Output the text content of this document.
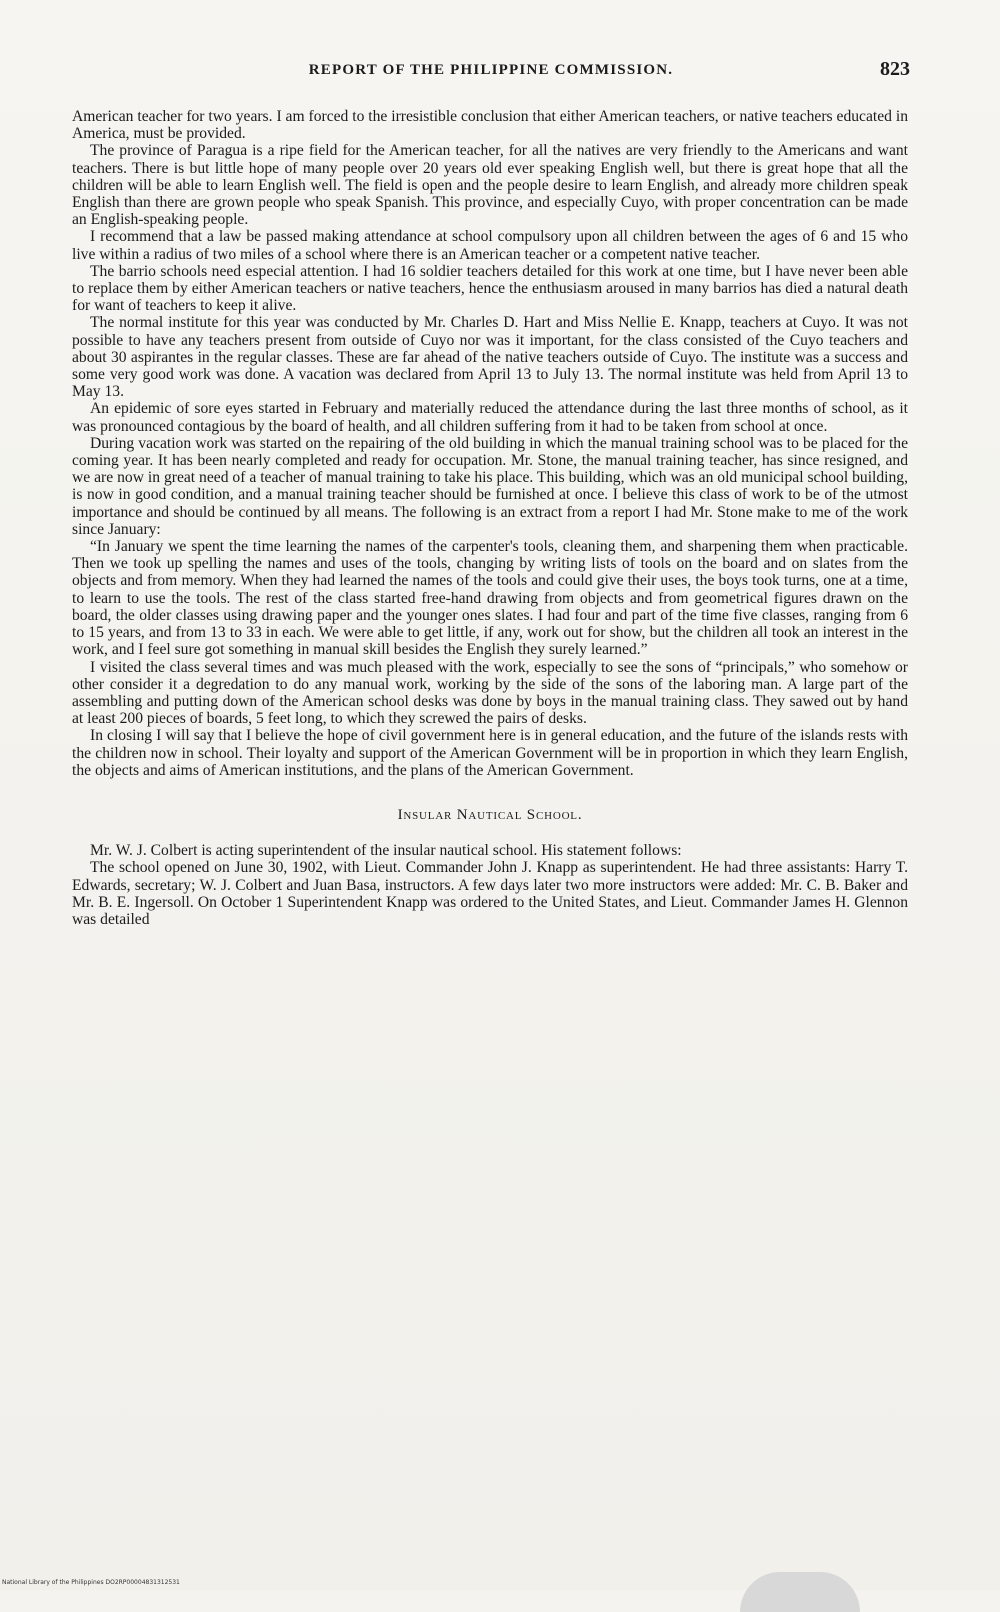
REPORT OF THE PHILIPPINE COMMISSION.	823

American teacher for two years. I am forced to the irresistible conclusion that either American teachers, or native teachers educated in America, must be provided.

The province of Paragua is a ripe field for the American teacher, for all the natives are very friendly to the Americans and want teachers. There is but little hope of many people over 20 years old ever speaking English well, but there is great hope that all the children will be able to learn English well. The field is open and the people desire to learn English, and already more children speak English than there are grown people who speak Spanish. This province, and especially Cuyo, with proper concentration can be made an English-speaking people.

I recommend that a law be passed making attendance at school compulsory upon all children between the ages of 6 and 15 who live within a radius of two miles of a school where there is an American teacher or a competent native teacher.

The barrio schools need especial attention. I had 16 soldier teachers detailed for this work at one time, but I have never been able to replace them by either American teachers or native teachers, hence the enthusiasm aroused in many barrios has died a natural death for want of teachers to keep it alive.

The normal institute for this year was conducted by Mr. Charles D. Hart and Miss Nellie E. Knapp, teachers at Cuyo. It was not possible to have any teachers present from outside of Cuyo nor was it important, for the class consisted of the Cuyo teachers and about 30 aspirantes in the regular classes. These are far ahead of the native teachers outside of Cuyo. The institute was a success and some very good work was done. A vacation was declared from April 13 to July 13. The normal institute was held from April 13 to May 13.

An epidemic of sore eyes started in February and materially reduced the attendance during the last three months of school, as it was pronounced contagious by the board of health, and all children suffering from it had to be taken from school at once.

During vacation work was started on the repairing of the old building in which the manual training school was to be placed for the coming year. It has been nearly completed and ready for occupation. Mr. Stone, the manual training teacher, has since resigned, and we are now in great need of a teacher of manual training to take his place. This building, which was an old municipal school building, is now in good condition, and a manual training teacher should be furnished at once. I believe this class of work to be of the utmost importance and should be continued by all means. The following is an extract from a report I had Mr. Stone make to me of the work since January:

“In January we spent the time learning the names of the carpenter's tools, cleaning them, and sharpening them when practicable. Then we took up spelling the names and uses of the tools, changing by writing lists of tools on the board and on slates from the objects and from memory. When they had learned the names of the tools and could give their uses, the boys took turns, one at a time, to learn to use the tools. The rest of the class started free-hand drawing from objects and from geometrical figures drawn on the board, the older classes using drawing paper and the younger ones slates. I had four and part of the time five classes, ranging from 6 to 15 years, and from 13 to 33 in each. We were able to get little, if any, work out for show, but the children all took an interest in the work, and I feel sure got something in manual skill besides the English they surely learned.”

I visited the class several times and was much pleased with the work, especially to see the sons of “principals,” who somehow or other consider it a degredation to do any manual work, working by the side of the sons of the laboring man. A large part of the assembling and putting down of the American school desks was done by boys in the manual training class. They sawed out by hand at least 200 pieces of boards, 5 feet long, to which they screwed the pairs of desks.

In closing I will say that I believe the hope of civil government here is in general education, and the future of the islands rests with the children now in school. Their loyalty and support of the American Government will be in proportion in which they learn English, the objects and aims of American institutions, and the plans of the American Government.

Insular Nautical School.

Mr. W. J. Colbert is acting superintendent of the insular nautical school. His statement follows:

The school opened on June 30, 1902, with Lieut. Commander John J. Knapp as superintendent. He had three assistants: Harry T. Edwards, secretary; W. J. Colbert and Juan Basa, instructors. A few days later two more instructors were added: Mr. C. B. Baker and Mr. B. E. Ingersoll. On October 1 Superintendent Knapp was ordered to the United States, and Lieut. Commander James H. Glennon was detailed

National Library of the Philippines DO2RP00004831312531
